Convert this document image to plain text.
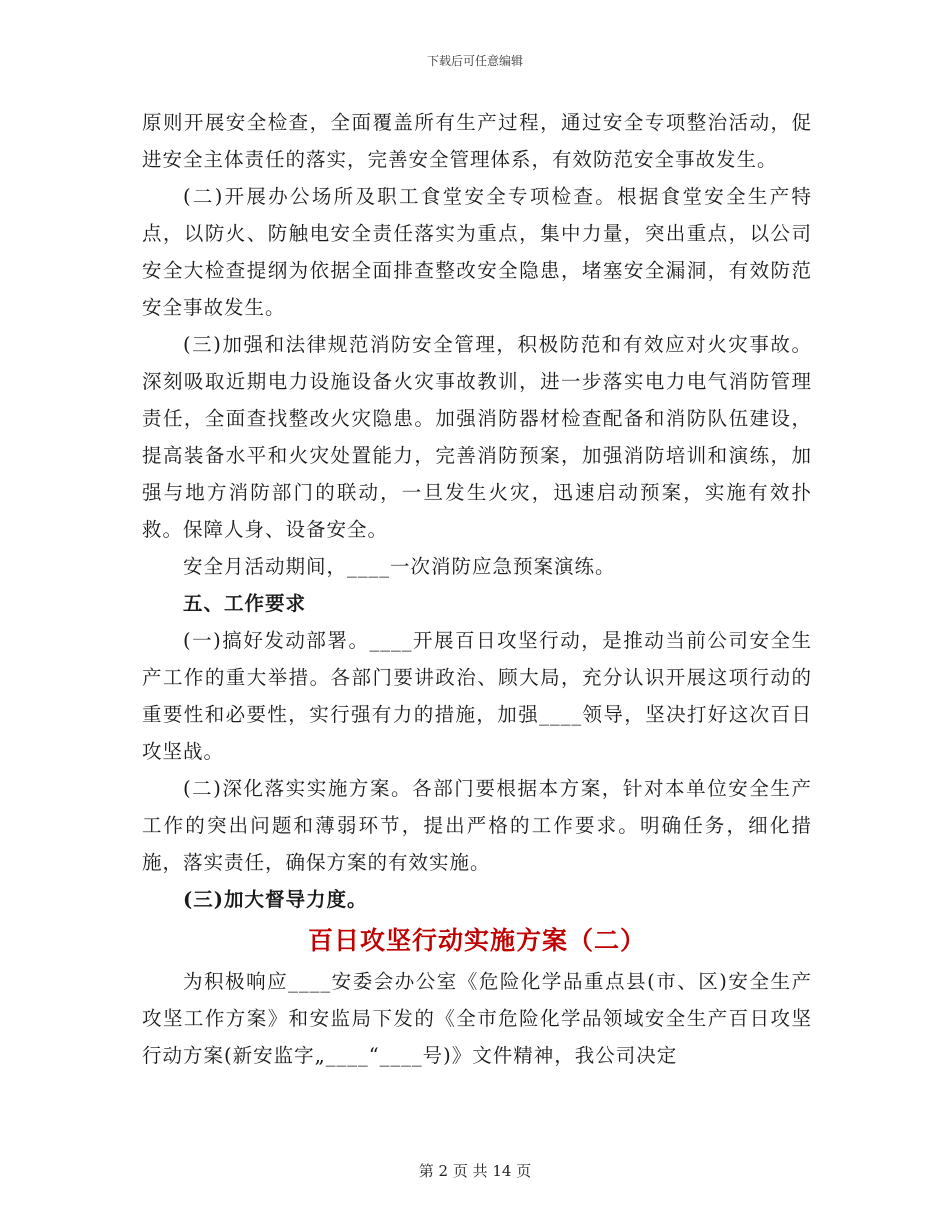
下载后可任意编辑

原则开展安全检查，全面覆盖所有生产过程，通过安全专项整治活动，促进安全主体责任的落实，完善安全管理体系，有效防范安全事故发生。

(二)开展办公场所及职工食堂安全专项检查。根据食堂安全生产特点，以防火、防触电安全责任落实为重点，集中力量，突出重点，以公司安全大检查提纲为依据全面排查整改安全隐患，堵塞安全漏洞，有效防范安全事故发生。

(三)加强和法律规范消防安全管理，积极防范和有效应对火灾事故。深刻吸取近期电力设施设备火灾事故教训，进一步落实电力电气消防管理责任，全面查找整改火灾隐患。加强消防器材检查配备和消防队伍建设，提高装备水平和火灾处置能力，完善消防预案，加强消防培训和演练，加强与地方消防部门的联动，一旦发生火灾，迅速启动预案，实施有效扑救。保障人身、设备安全。

安全月活动期间，____一次消防应急预案演练。

五、工作要求

(一)搞好发动部署。____开展百日攻坚行动，是推动当前公司安全生产工作的重大举措。各部门要讲政治、顾大局，充分认识开展这项行动的重要性和必要性，实行强有力的措施，加强____领导，坚决打好这次百日攻坚战。

(二)深化落实实施方案。各部门要根据本方案，针对本单位安全生产工作的突出问题和薄弱环节，提出严格的工作要求。明确任务，细化措施，落实责任，确保方案的有效实施。

(三)加大督导力度。

百日攻坚行动实施方案（二）

为积极响应____安委会办公室《危险化学品重点县(市、区)安全生产攻坚工作方案》和安监局下发的《全市危险化学品领域安全生产百日攻坚行动方案(新安监字„____“____号)》文件精神，我公司决定

第 2 页 共 14 页
